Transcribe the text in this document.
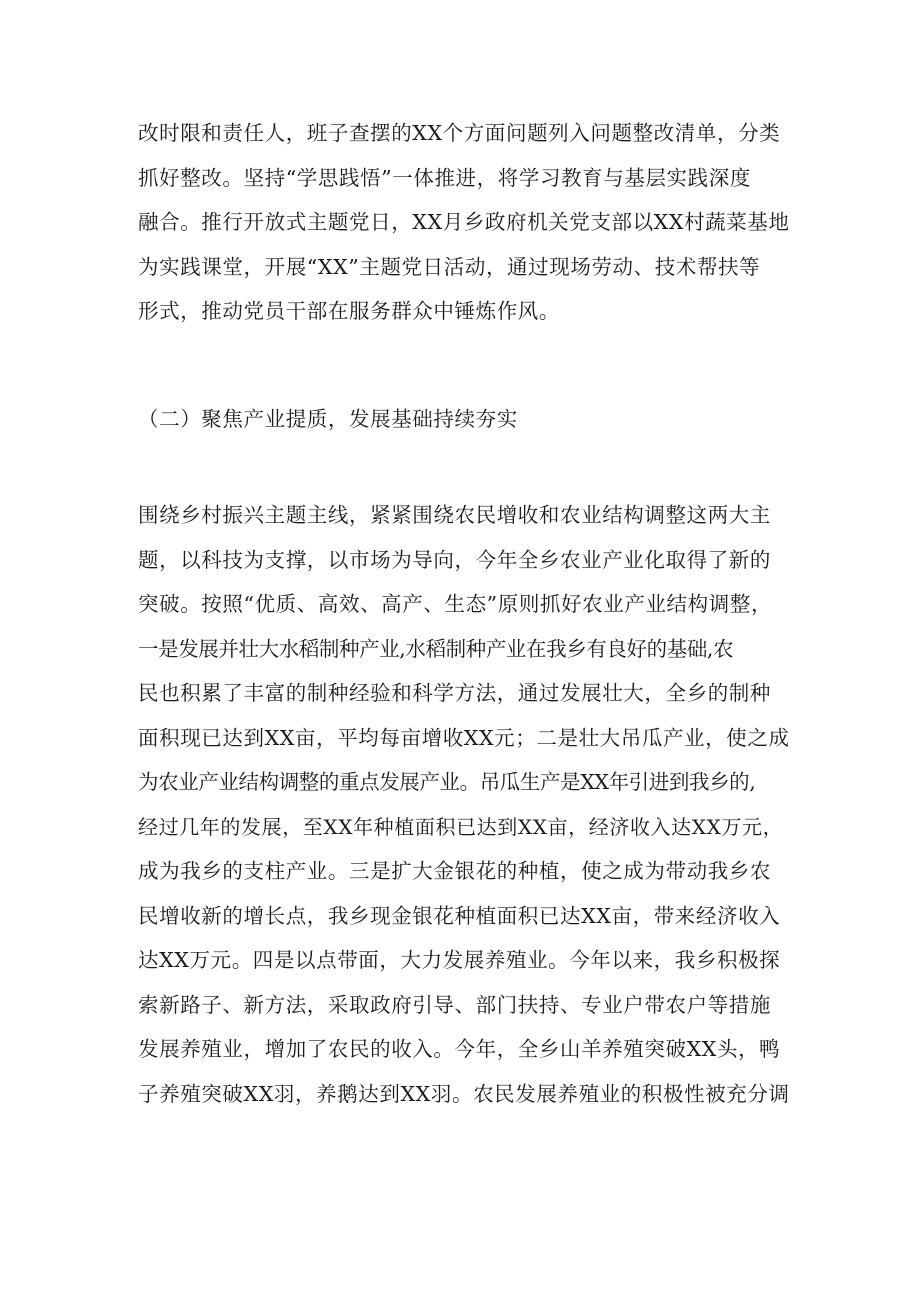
改时限和责任人，班子查摆的XX个方面问题列入问题整改清单，分类
抓好整改。坚持“学思践悟”一体推进，将学习教育与基层实践深度
融合。推行开放式主题党日，XX月乡政府机关党支部以XX村蔬菜基地
为实践课堂，开展“XX”主题党日活动，通过现场劳动、技术帮扶等
形式，推动党员干部在服务群众中锤炼作风。
（二）聚焦产业提质，发展基础持续夯实
围绕乡村振兴主题主线，紧紧围绕农民增收和农业结构调整这两大主
题，以科技为支撑，以市场为导向，今年全乡农业产业化取得了新的
突破。按照“优质、高效、高产、生态”原则抓好农业产业结构调整，
一是发展并壮大水稻制种产业,水稻制种产业在我乡有良好的基础,农
民也积累了丰富的制种经验和科学方法，通过发展壮大，全乡的制种
面积现已达到XX亩，平均每亩增收XX元；二是壮大吊瓜产业，使之成
为农业产业结构调整的重点发展产业。吊瓜生产是XX年引进到我乡的,
经过几年的发展，至XX年种植面积已达到XX亩，经济收入达XX万元，
成为我乡的支柱产业。三是扩大金银花的种植，使之成为带动我乡农
民增收新的增长点，我乡现金银花种植面积已达XX亩，带来经济收入
达XX万元。四是以点带面，大力发展养殖业。今年以来，我乡积极探
索新路子、新方法，采取政府引导、部门扶持、专业户带农户等措施
发展养殖业，增加了农民的收入。今年，全乡山羊养殖突破XX头，鸭
子养殖突破XX羽，养鹅达到XX羽。农民发展养殖业的积极性被充分调
